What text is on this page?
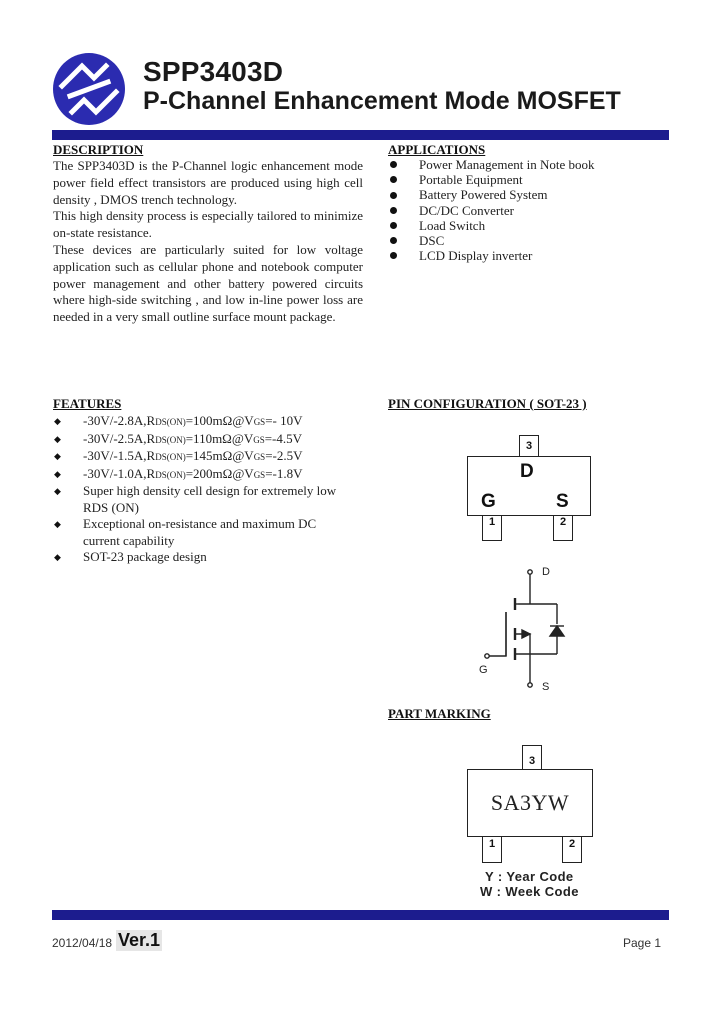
SPP3403D
P-Channel Enhancement Mode MOSFET
DESCRIPTION

The SPP3403D is the P-Channel logic enhancement mode power field effect transistors are produced using high cell density , DMOS trench technology.

This high density process is especially tailored to minimize on-state resistance.

These devices are particularly suited for low voltage application such as cellular phone and notebook computer power management and other battery powered circuits where high-side switching , and low in-line power loss are needed in a very small outline surface mount package.

APPLICATIONS
Power Management in Note book
Portable Equipment
Battery Powered System
DC/DC Converter
Load Switch
DSC
LCD Display inverter
FEATURES
◆	-30V/-2.8A,RDS(ON)=100mΩ@VGS=- 10V
◆	-30V/-2.5A,RDS(ON)=110mΩ@VGS=-4.5V
◆	-30V/-1.5A,RDS(ON)=145mΩ@VGS=-2.5V
◆	-30V/-1.0A,RDS(ON)=200mΩ@VGS=-1.8V
◆	Super high density cell design for extremely low
RDS (ON)
◆	Exceptional on-resistance and maximum DC
current capability
◆	SOT-23 package design
PIN CONFIGURATION ( SOT-23 )
3
1	2
D
G	S
D
G
S
PART MARKING
3
1	2
SA3YW
Y : Year Code
W : Week Code
2012/04/18 Ver.1	Page 1
